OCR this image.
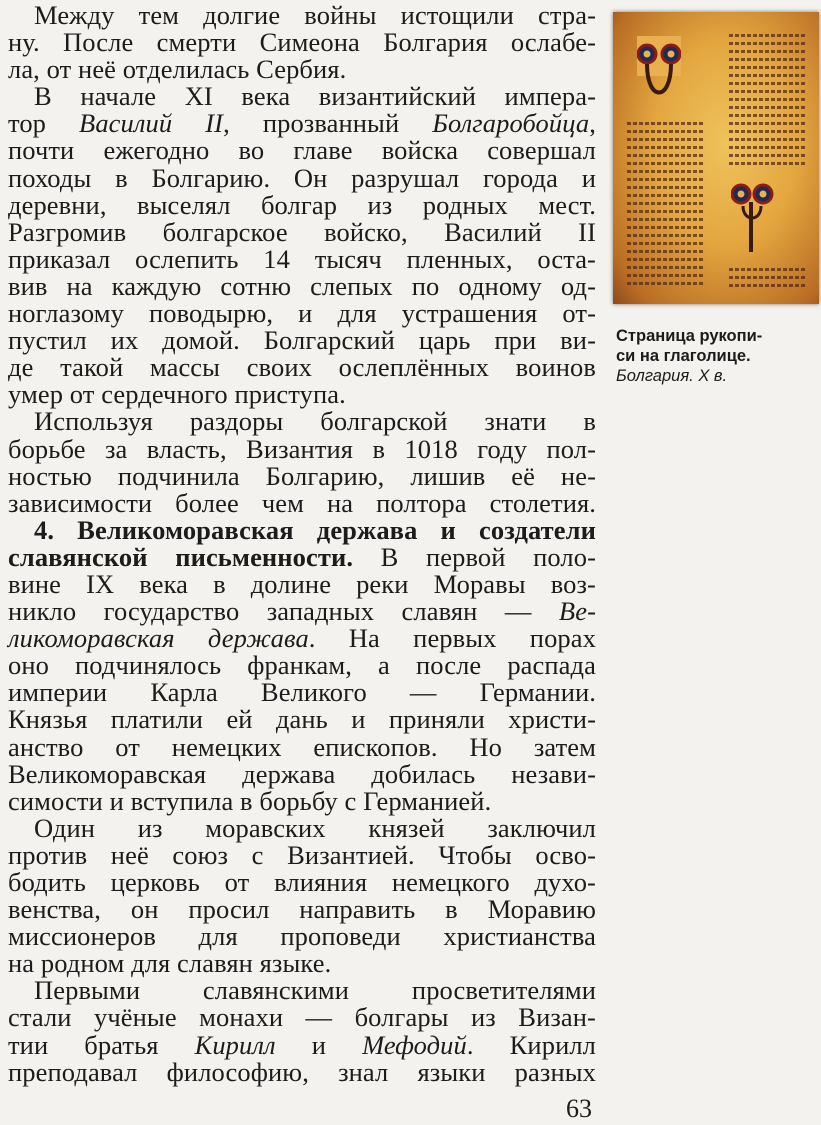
Между тем долгие войны истощили стра-
ну. После смерти Симеона Болгария ослабе-
ла, от неё отделилась Сербия.

В начале XI века византийский импера-
тор Василий II, прозванный Болгаробойца,
почти ежегодно во главе войска совершал
походы в Болгарию. Он разрушал города и
деревни, выселял болгар из родных мест.
Разгромив болгарское войско, Василий II
приказал ослепить 14 тысяч пленных, оста-
вив на каждую сотню слепых по одному од-
ноглазому поводырю, и для устрашения от-
пустил их домой. Болгарский царь при ви-
де такой массы своих ослеплённых воинов
умер от сердечного приступа.

Используя раздоры болгарской знати в
борьбе за власть, Византия в 1018 году пол-
ностью подчинила Болгарию, лишив её не-
зависимости более чем на полтора столетия.

4. Великоморавская держава и создатели
славянской письменности. В первой поло-
вине IX века в долине реки Моравы воз-
никло государство западных славян — Ве-
ликоморавская держава. На первых порах
оно подчинялось франкам, а после распада
империи Карла Великого — Германии.
Князья платили ей дань и приняли христи-
анство от немецких епископов. Но затем
Великоморавская держава добилась незави-
симости и вступила в борьбу с Германией.

Один из моравских князей заключил
против неё союз с Византией. Чтобы осво-
бодить церковь от влияния немецкого духо-
венства, он просил направить в Моравию
миссионеров для проповеди христианства
на родном для славян языке.

Первыми славянскими просветителями
стали учёные монахи — болгары из Визан-
тии братья Кирилл и Мефодий. Кирилл
преподавал философию, знал языки разных

Страница рукопи-
си на глаголице.
Болгария. X в.
63
